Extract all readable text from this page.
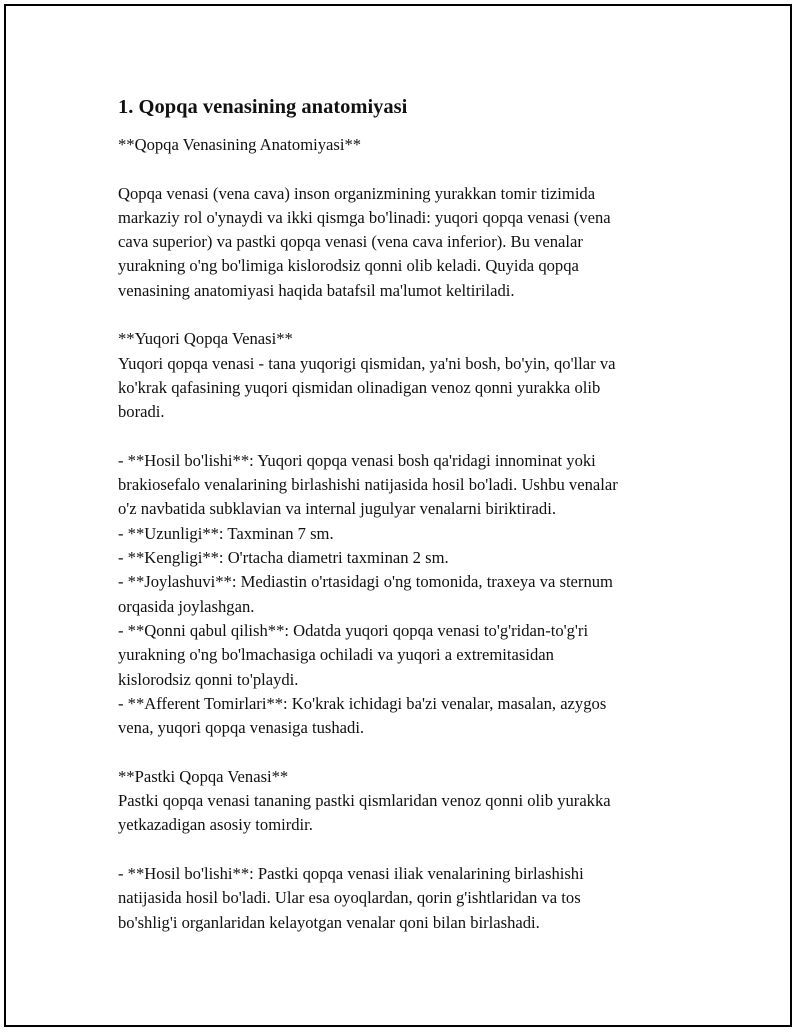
1. Qopqa venasining anatomiyasi
**Qopqa Venasining Anatomiyasi**
Qopqa venasi (vena cava) inson organizmining yurakkan tomir tizimida
markaziy rol o'ynaydi va ikki qismga bo'linadi: yuqori qopqa venasi (vena
cava superior) va pastki qopqa venasi (vena cava inferior). Bu venalar
yurakning o'ng bo'limiga kislorodsiz qonni olib keladi. Quyida qopqa
venasining anatomiyasi haqida batafsil ma'lumot keltiriladi.
**Yuqori Qopqa Venasi**
Yuqori qopqa venasi - tana yuqorigi qismidan, ya'ni bosh, bo'yin, qo'llar va
ko'krak qafasining yuqori qismidan olinadigan venoz qonni yurakka olib
boradi.
- **Hosil bo'lishi**: Yuqori qopqa venasi bosh qa'ridagi innominat yoki
brakiosefalo venalarining birlashishi natijasida hosil bo'ladi. Ushbu venalar
o'z navbatida subklavian va internal jugulyar venalarni biriktiradi.
- **Uzunligi**: Taxminan 7 sm.
- **Kengligi**: O'rtacha diametri taxminan 2 sm.
- **Joylashuvi**: Mediastin o'rtasidagi o'ng tomonida, traxeya va sternum
orqasida joylashgan.
- **Qonni qabul qilish**: Odatda yuqori qopqa venasi to'g'ridan-to'g'ri
yurakning o'ng bo'lmachasiga ochiladi va yuqori a extremitasidan
kislorodsiz qonni to'playdi.
- **Afferent Tomirlari**: Ko'krak ichidagi ba'zi venalar, masalan, azygos
vena, yuqori qopqa venasiga tushadi.
**Pastki Qopqa Venasi**
Pastki qopqa venasi tananing pastki qismlaridan venoz qonni olib yurakka
yetkazadigan asosiy tomirdir.
- **Hosil bo'lishi**: Pastki qopqa venasi iliak venalarining birlashishi
natijasida hosil bo'ladi. Ular esa oyoqlardan, qorin g'ishtlaridan va tos
bo'shlig'i organlaridan kelayotgan venalar qoni bilan birlashadi.
